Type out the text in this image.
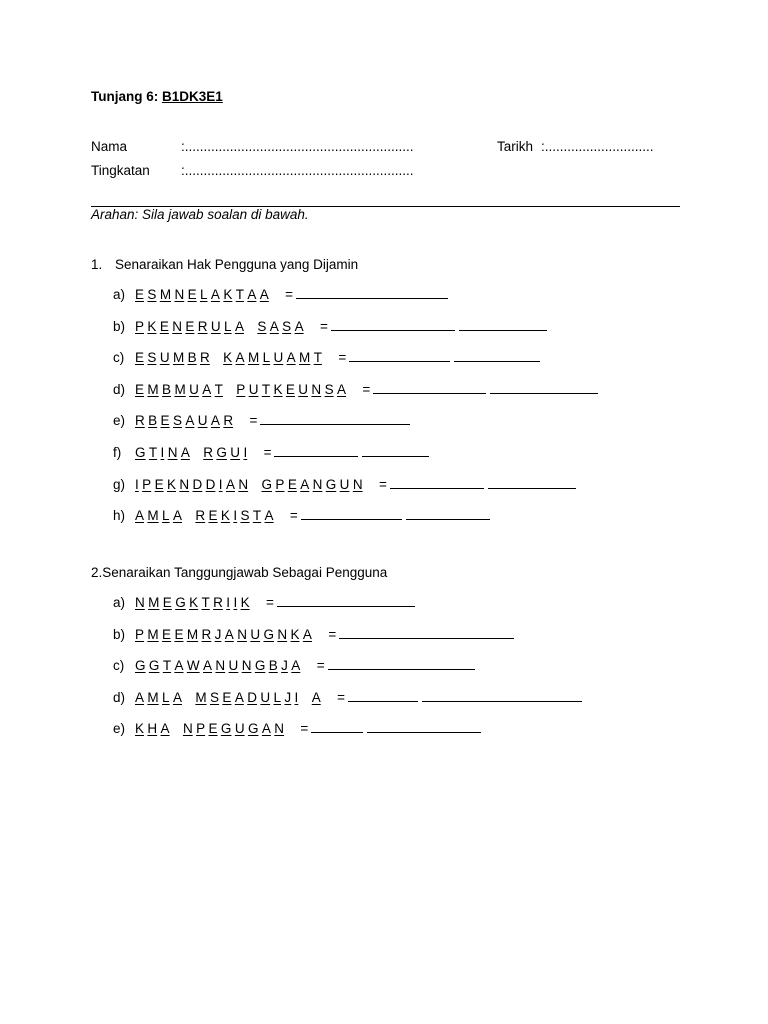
Tunjang 6: B1DK3E1
Nama	:.............................................................	Tarikh :.............................
Tingkatan :.............................................................
Arahan: Sila jawab soalan di bawah.
1. Senaraikan Hak Pengguna yang Dijamin
a) E S M N E L A K T A A =
b) P K E N E R U L A S A S A =
c) E S U M B R K A M L U A M T =
d) E M B M U A T P U T K E U N S A =
e) R B E S A U A R =
f)	G T I N A R G U I =
g) I P E K N D D I A N G P E A N G U N =
h) A M L A R E K I S T A =
2.Senaraikan Tanggungjawab Sebagai Pengguna
a) N M E G K T R I I K =
b) P M E E M R J A N U G N K A =
c) G G T A W A N U N G B J A =
d) A M L A M S E A D U L J I A =
e) K H A N P E G U G A N =
